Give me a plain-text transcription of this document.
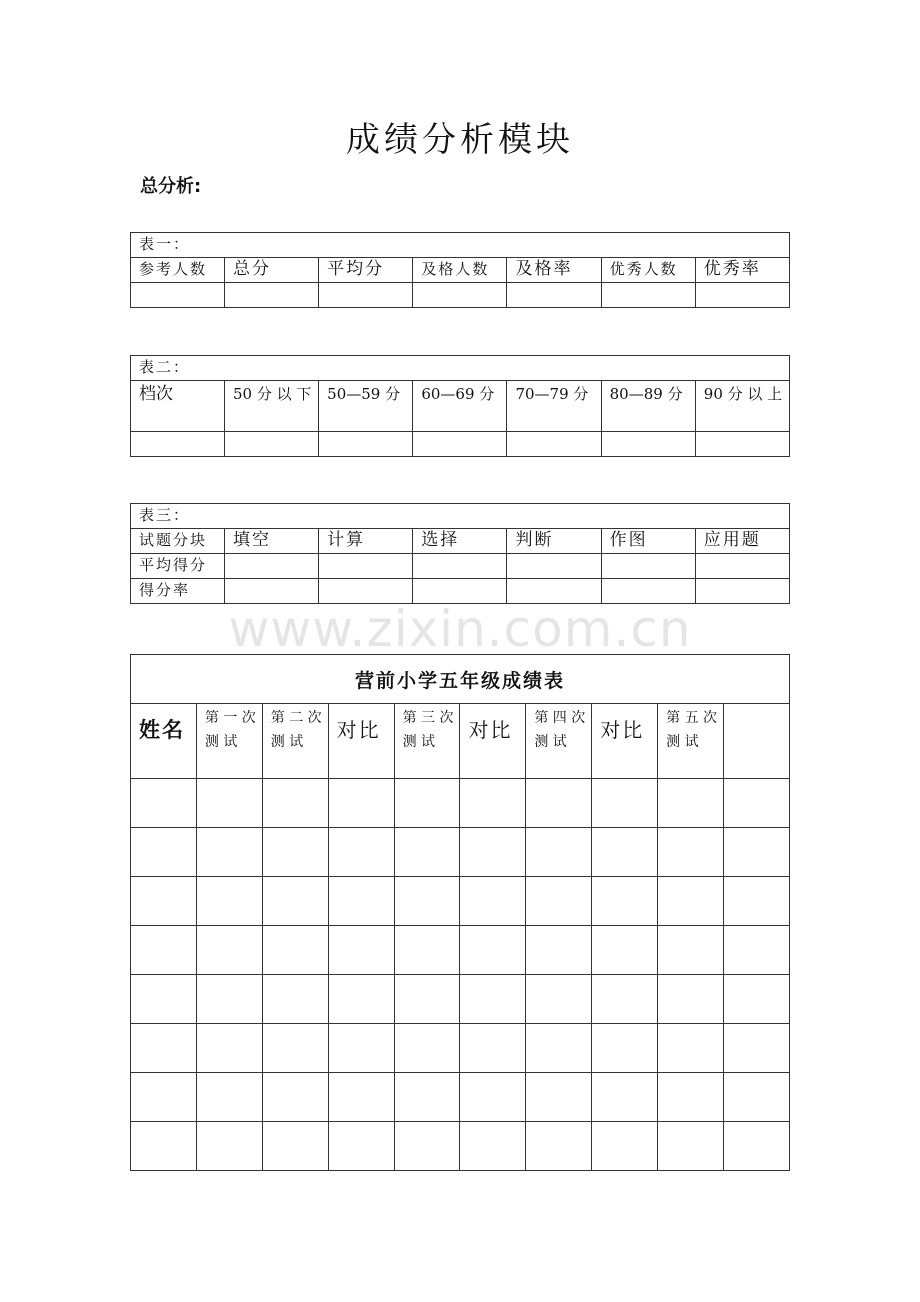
成绩分析模块
总分析:
表一：						
参考人数	总分	平均分	及格人数	及格率	优秀人数	优秀率

表二：						
档次	50 分 以 下	50—59 分	60—69 分	70—79 分	80—89 分	90 分 以 上

表三：						
试题分块	填空	计算	选择	判断	作图	应用题
平均得分						
得分率						
www.zixin.com.cn
营前小学五年级成绩表									
姓名	第 一 次 测 试	第 二 次 测 试	对比	第 三 次 测 试	对比	第 四 次 测 试	对比	第 五 次 测 试	
